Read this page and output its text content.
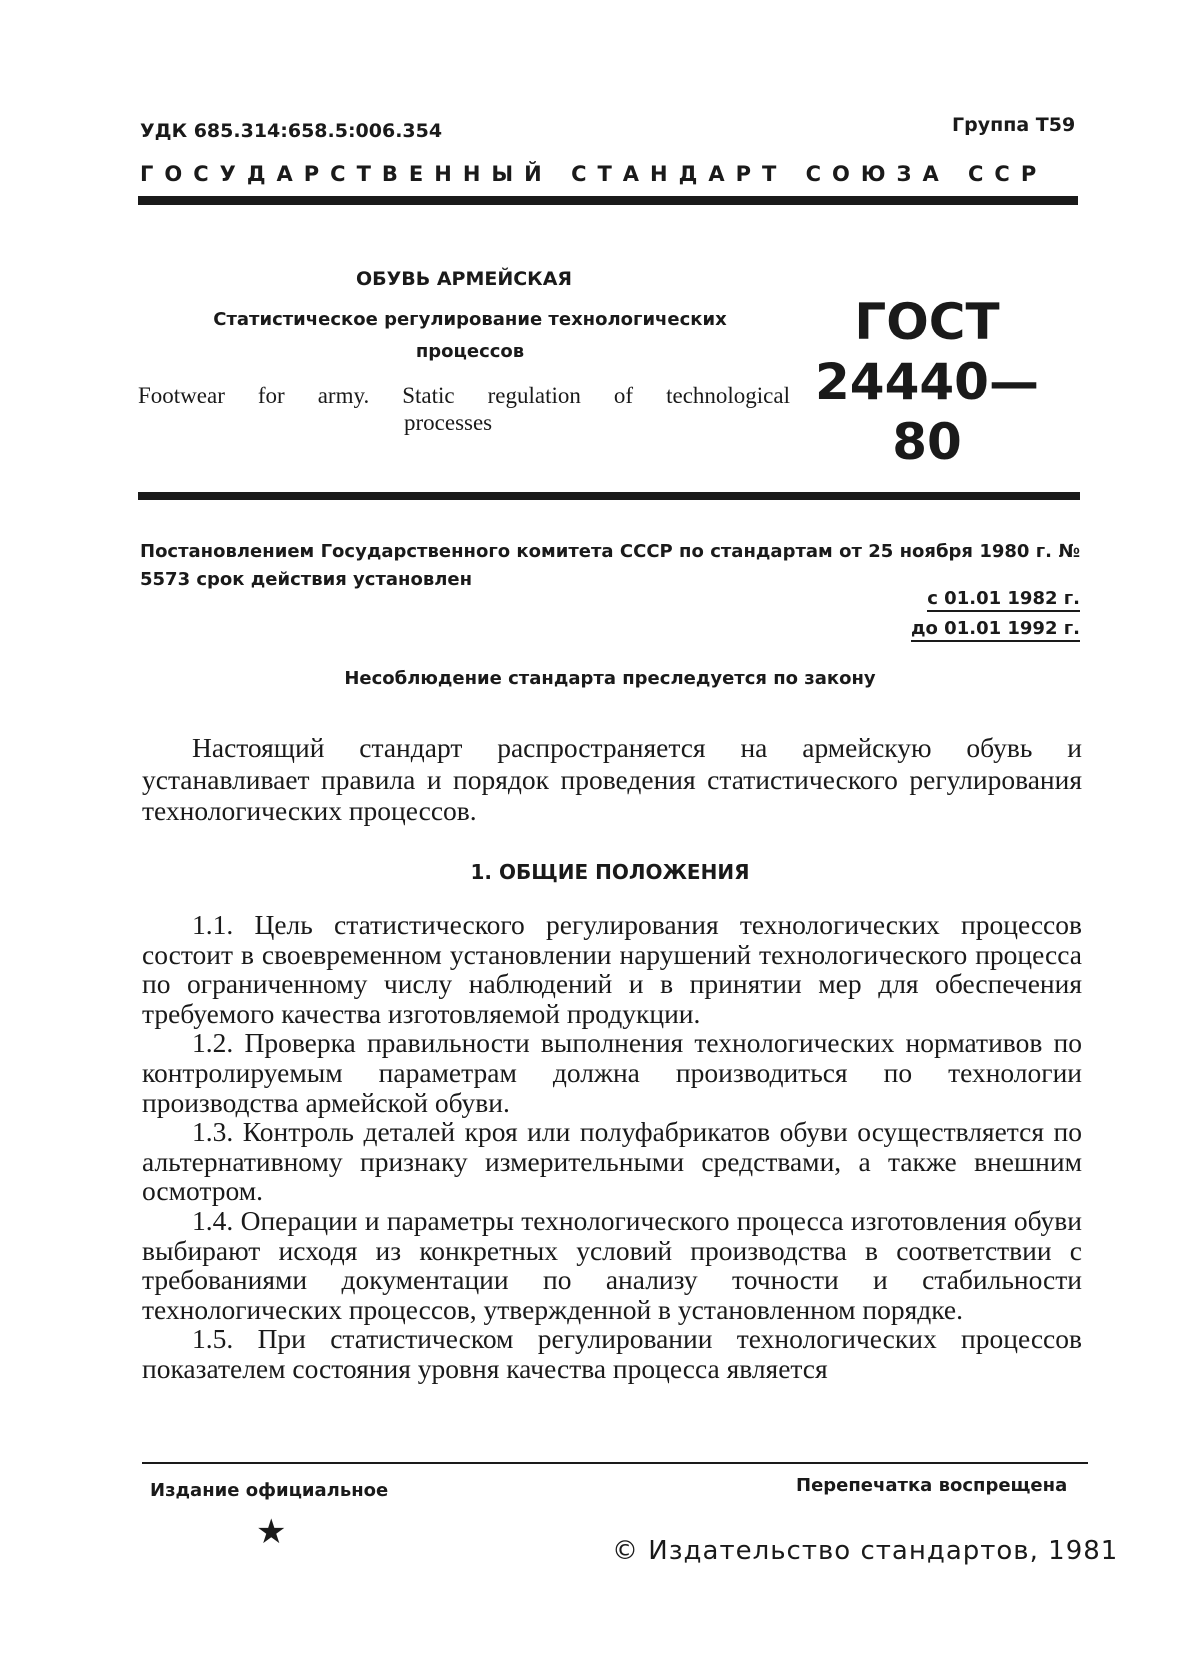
УДК 685.314:658.5:006.354	Группа Т59
ГОСУДАРСТВЕННЫЙ СТАНДАРТ СОЮЗА ССР
ОБУВЬ АРМЕЙСКАЯ
Статистическое регулирование технологических процессов
Footwear for army. Static regulation of technological
processes
ГОСТ
24440—80
Постановлением Государственного комитета СССР по стандартам от 25 ноября 1980 г. № 5573 срок действия установлен
с 01.01 1982 г.
до 01.01 1992 г.
Несоблюдение стандарта преследуется по закону

Настоящий стандарт распространяется на армейскую обувь и устанавливает правила и порядок проведения статистического регулирования технологических процессов.

1. ОБЩИЕ ПОЛОЖЕНИЯ

1.1. Цель статистического регулирования технологических процессов состоит в своевременном установлении нарушений технологического процесса по ограниченному числу наблюдений и в принятии мер для обеспечения требуемого качества изготовляемой продукции.

1.2. Проверка правильности выполнения технологических нормативов по контролируемым параметрам должна производиться по технологии производства армейской обуви.

1.3. Контроль деталей кроя или полуфабрикатов обуви осуществляется по альтернативному признаку измерительными средствами, а также внешним осмотром.

1.4. Операции и параметры технологического процесса изготовления обуви выбирают исходя из конкретных условий производства в соответствии с требованиями документации по анализу точности и стабильности технологических процессов, утвержденной в установленном порядке.

1.5. При статистическом регулировании технологических процессов показателем состояния уровня качества процесса является

Издание официальное	Перепечатка воспрещена
★	© Издательство стандартов, 1981
